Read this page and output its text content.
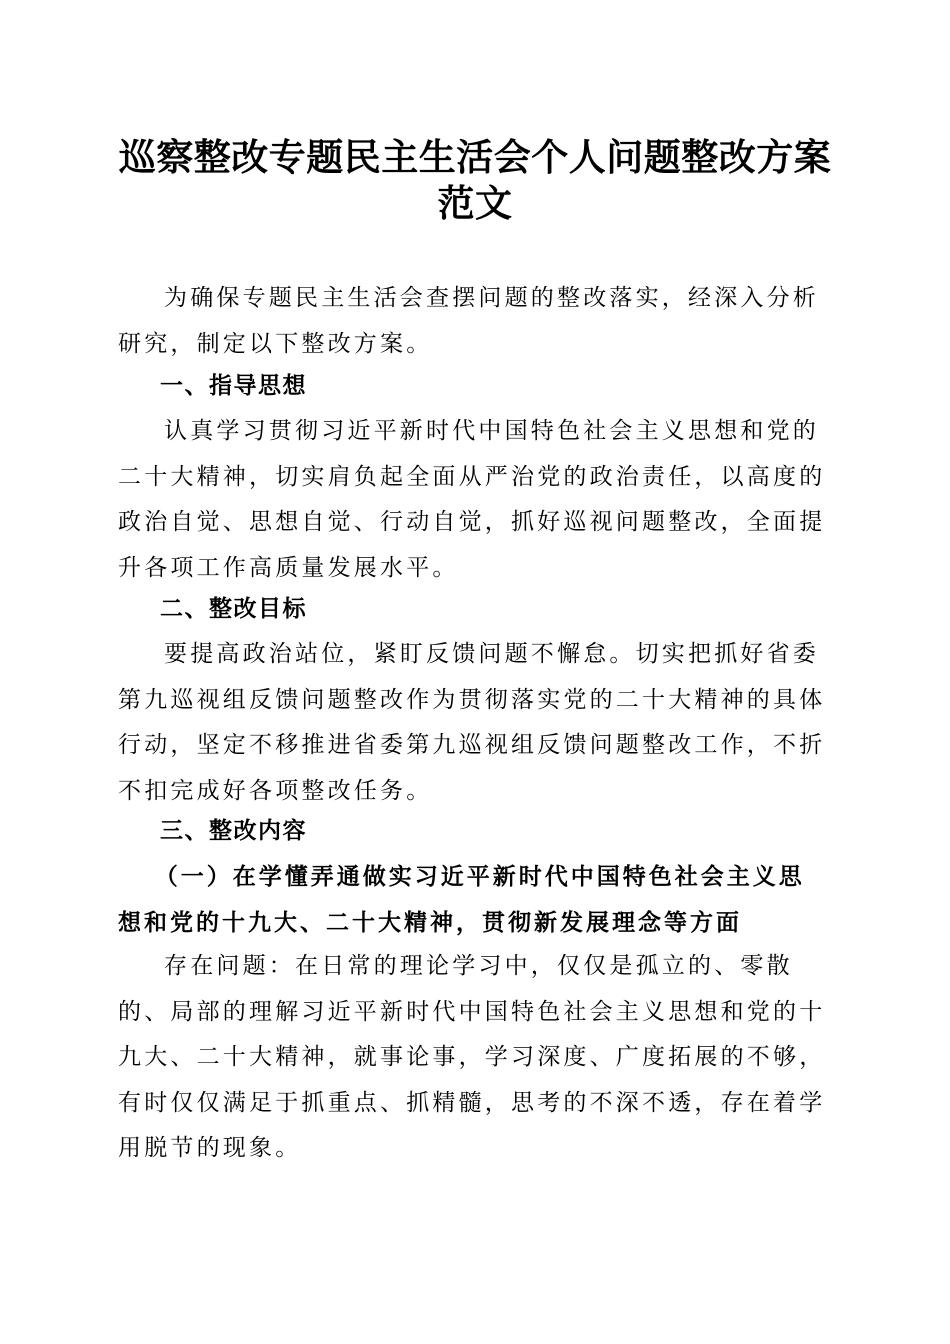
巡察整改专题民主生活会个人问题整改方案范文

为确保专题民主生活会查摆问题的整改落实，经深入分析研究，制定以下整改方案。

一、指导思想

认真学习贯彻习近平新时代中国特色社会主义思想和党的二十大精神，切实肩负起全面从严治党的政治责任，以高度的政治自觉、思想自觉、行动自觉，抓好巡视问题整改，全面提升各项工作高质量发展水平。

二、整改目标

要提高政治站位，紧盯反馈问题不懈怠。切实把抓好省委第九巡视组反馈问题整改作为贯彻落实党的二十大精神的具体行动，坚定不移推进省委第九巡视组反馈问题整改工作，不折不扣完成好各项整改任务。

三、整改内容

（一）在学懂弄通做实习近平新时代中国特色社会主义思想和党的十九大、二十大精神，贯彻新发展理念等方面

存在问题：在日常的理论学习中，仅仅是孤立的、零散的、局部的理解习近平新时代中国特色社会主义思想和党的十九大、二十大精神，就事论事，学习深度、广度拓展的不够，有时仅仅满足于抓重点、抓精髓，思考的不深不透，存在着学用脱节的现象。
